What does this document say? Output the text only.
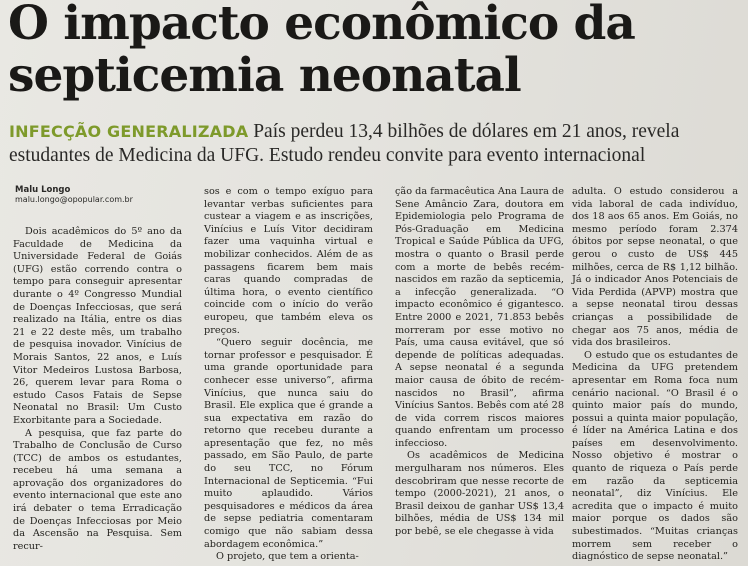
O impacto econômico da
septicemia neonatal
INFECÇÃO GENERALIZADA País perdeu 13,4 bilhões de dólares em 21 anos, revela estudantes de Medicina da UFG. Estudo rendeu convite para evento internacional
Malu Longo
malu.longo@opopular.com.br

Dois acadêmicos do 5º ano da Faculdade de Medicina da Universidade Federal de Goiás (UFG) estão correndo contra o tempo para conseguir apresentar durante o 4º Congresso Mundial de Doenças Infecciosas, que será realizado na Itália, entre os dias 21 e 22 deste mês, um trabalho de pesquisa inovador. Vinícius de Morais Santos, 22 anos, e Luís Vitor Medeiros Lustosa Barbosa, 26, querem levar para Roma o estudo Casos Fatais de Sepse Neonatal no Brasil: Um Custo Exorbitante para a Sociedade.

A pesquisa, que faz parte do Trabalho de Conclusão de Curso (TCC) de ambos os estudantes, recebeu há uma semana a aprovação dos organizadores do evento internacional que este ano irá debater o tema Erradicação de Doenças Infecciosas por Meio da Ascensão na Pesquisa. Sem recur-

sos e com o tempo exíguo para levantar verbas suficientes para custear a viagem e as inscrições, Vinícius e Luís Vitor decidiram fazer uma vaquinha virtual e mobilizar conhecidos. Além de as passagens ficarem bem mais caras quando compradas de última hora, o evento científico coincide com o início do verão europeu, que também eleva os preços.

“Quero seguir docência, me tornar professor e pesquisador. É uma grande oportunidade para conhecer esse universo”, afirma Vinícius, que nunca saiu do Brasil. Ele explica que é grande a sua expectativa em razão do retorno que recebeu durante a apresentação que fez, no mês passado, em São Paulo, de parte do seu TCC, no Fórum Internacional de Septicemia. “Fui muito aplaudido. Vários pesquisadores e médicos da área de sepse pediatria comentaram comigo que não sabiam dessa abordagem econômica.”

O projeto, que tem a orienta-

ção da farmacêutica Ana Laura de Sene Amâncio Zara, doutora em Epidemiologia pelo Programa de Pós-Graduação em Medicina Tropical e Saúde Pública da UFG, mostra o quanto o Brasil perde com a morte de bebês recém-nascidos em razão da septicemia, a infecção generalizada. “O impacto econômico é gigantesco. Entre 2000 e 2021, 71.853 bebês morreram por esse motivo no País, uma causa evitável, que só depende de políticas adequadas. A sepse neonatal é a segunda maior causa de óbito de recém-nascidos no Brasil”, afirma Vinícius Santos. Bebês com até 28 de vida correm riscos maiores quando enfrentam um processo infeccioso.

Os acadêmicos de Medicina mergulharam nos números. Eles descobriram que nesse recorte de tempo (2000-2021), 21 anos, o Brasil deixou de ganhar US$ 13,4 bilhões, média de US$ 134 mil por bebê, se ele chegasse à vida

adulta. O estudo considerou a vida laboral de cada indivíduo, dos 18 aos 65 anos. Em Goiás, no mesmo período foram 2.374 óbitos por sepse neonatal, o que gerou o custo de US$ 445 milhões, cerca de R$ 1,12 bilhão. Já o indicador Anos Potenciais de Vida Perdida (APVP) mostra que a sepse neonatal tirou dessas crianças a possibilidade de chegar aos 75 anos, média de vida dos brasileiros.

O estudo que os estudantes de Medicina da UFG pretendem apresentar em Roma foca num cenário nacional. “O Brasil é o quinto maior país do mundo, possui a quinta maior população, é líder na América Latina e dos países em desenvolvimento. Nosso objetivo é mostrar o quanto de riqueza o País perde em razão da septicemia neonatal”, diz Vinícius. Ele acredita que o impacto é muito maior porque os dados são subestimados. “Muitas crianças morrem sem receber o diagnóstico de sepse neonatal.”
